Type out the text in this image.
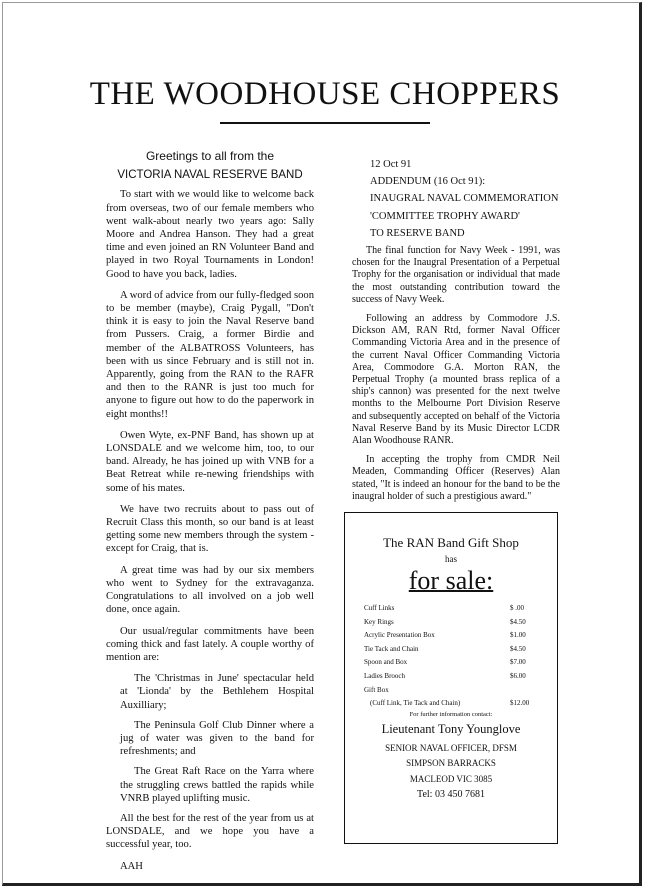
THE WOODHOUSE CHOPPERS

Greetings to all from the

VICTORIA NAVAL RESERVE BAND

To start with we would like to welcome back from overseas, two of our female members who went walk-about nearly two years ago: Sally Moore and Andrea Hanson. They had a great time and even joined an RN Volunteer Band and played in two Royal Tournaments in London! Good to have you back, ladies.

A word of advice from our fully-fledged soon to be member (maybe), Craig Pygall, "Don't think it is easy to join the Naval Reserve band from Pussers. Craig, a former Birdie and member of the ALBATROSS Volunteers, has been with us since February and is still not in. Apparently, going from the RAN to the RAFR and then to the RANR is just too much for anyone to figure out how to do the paperwork in eight months!!

Owen Wyte, ex-PNF Band, has shown up at LONSDALE and we welcome him, too, to our band. Already, he has joined up with VNB for a Beat Retreat while re-newing friendships with some of his mates.

We have two recruits about to pass out of Recruit Class this month, so our band is at least getting some new members through the system - except for Craig, that is.

A great time was had by our six members who went to Sydney for the extravaganza. Congratulations to all involved on a job well done, once again.

Our usual/regular commitments have been coming thick and fast lately. A couple worthy of mention are:

The 'Christmas in June' spectacular held at 'Lionda' by the Bethlehem Hospital Auxilliary;

The Peninsula Golf Club Dinner where a jug of water was given to the band for refreshments; and

The Great Raft Race on the Yarra where the struggling crews battled the rapids while VNRB played uplifting music.

All the best for the rest of the year from us at LONSDALE, and we hope you have a successful year, too.

AAH

12 Oct 91

ADDENDUM (16 Oct 91):

INAUGRAL NAVAL COMMEMORATION

'COMMITTEE TROPHY AWARD'

TO RESERVE BAND

The final function for Navy Week - 1991, was chosen for the Inaugral Presentation of a Perpetual Trophy for the organisation or individual that made the most outstanding contribution toward the success of Navy Week.

Following an address by Commodore J.S. Dickson AM, RAN Rtd, former Naval Officer Commanding Victoria Area and in the presence of the current Naval Officer Commanding Victoria Area, Commodore G.A. Morton RAN, the Perpetual Trophy (a mounted brass replica of a ship's cannon) was presented for the next twelve months to the Melbourne Port Division Reserve and subsequently accepted on behalf of the Victoria Naval Reserve Band by its Music Director LCDR Alan Woodhouse RANR.

In accepting the trophy from CMDR Neil Meaden, Commanding Officer (Reserves) Alan stated, "It is indeed an honour for the band to be the inaugral holder of such a prestigious award."

The RAN Band Gift Shop

has

for sale:

Cuff Links	$ .00
Key Rings	$4.50
Acrylic Presentation Box	$1.00
Tie Tack and Chain	$4.50
Spoon and Box	$7.00
Ladies Brooch	$6.00
Gift Box
(Cuff Link, Tie Tack and Chain)	$12.00

For further information contact:

Lieutenant Tony Younglove

SENIOR NAVAL OFFICER, DFSM

SIMPSON BARRACKS

MACLEOD VIC 3085

Tel: 03 450 7681
